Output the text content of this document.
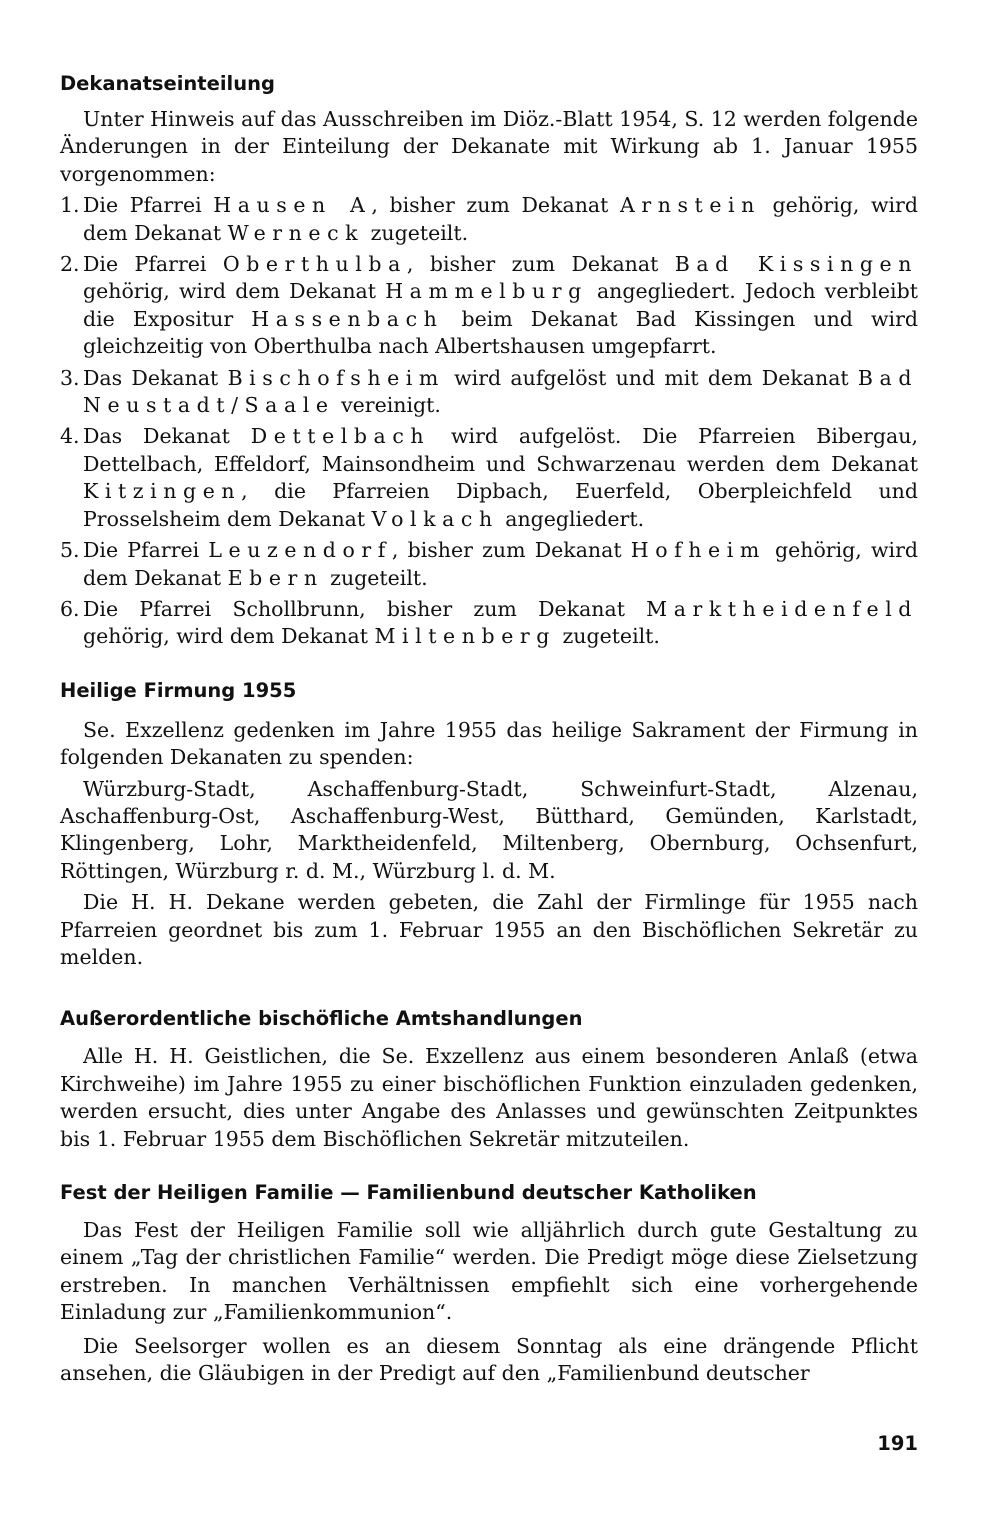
Dekanatseinteilung

Unter Hinweis auf das Ausschreiben im Diöz.-Blatt 1954, S. 12 werden folgende Änderungen in der Einteilung der Dekanate mit Wirkung ab 1. Januar 1955 vorgenommen:

1. Die Pfarrei Hausen A, bisher zum Dekanat Arnstein gehörig, wird dem Dekanat Werneck zugeteilt.
2. Die Pfarrei Oberthulba, bisher zum Dekanat Bad Kissingen gehörig, wird dem Dekanat Hammelburg angegliedert. Jedoch verbleibt die Expositur Hassenbach beim Dekanat Bad Kissingen und wird gleichzeitig von Oberthulba nach Albertshausen umgepfarrt.
3. Das Dekanat Bischofsheim wird aufgelöst und mit dem Dekanat Bad Neustadt/Saale vereinigt.
4. Das Dekanat Dettelbach wird aufgelöst. Die Pfarreien Bibergau, Dettelbach, Effeldorf, Mainsondheim und Schwarzenau werden dem Dekanat Kitzingen, die Pfarreien Dipbach, Euerfeld, Oberpleichfeld und Prosselsheim dem Dekanat Volkach angegliedert.
5. Die Pfarrei Leuzendorf, bisher zum Dekanat Hofheim gehörig, wird dem Dekanat Ebern zugeteilt.
6. Die Pfarrei Schollbrunn, bisher zum Dekanat Marktheidenfeld gehörig, wird dem Dekanat Miltenberg zugeteilt.
Heilige Firmung 1955

Se. Exzellenz gedenken im Jahre 1955 das heilige Sakrament der Firmung in folgenden Dekanaten zu spenden:

Würzburg-Stadt, Aschaffenburg-Stadt, Schweinfurt-Stadt, Alzenau, Aschaffenburg-Ost, Aschaffenburg-West, Bütthard, Gemünden, Karlstadt, Klingenberg, Lohr, Marktheidenfeld, Miltenberg, Obernburg, Ochsenfurt, Röttingen, Würzburg r. d. M., Würzburg l. d. M.

Die H. H. Dekane werden gebeten, die Zahl der Firmlinge für 1955 nach Pfarreien geordnet bis zum 1. Februar 1955 an den Bischöflichen Sekretär zu melden.

Außerordentliche bischöfliche Amtshandlungen

Alle H. H. Geistlichen, die Se. Exzellenz aus einem besonderen Anlaß (etwa Kirchweihe) im Jahre 1955 zu einer bischöflichen Funktion einzuladen gedenken, werden ersucht, dies unter Angabe des Anlasses und gewünschten Zeitpunktes bis 1. Februar 1955 dem Bischöflichen Sekretär mitzuteilen.

Fest der Heiligen Familie — Familienbund deutscher Katholiken

Das Fest der Heiligen Familie soll wie alljährlich durch gute Gestaltung zu einem „Tag der christlichen Familie“ werden. Die Predigt möge diese Zielsetzung erstreben. In manchen Verhältnissen empfiehlt sich eine vorhergehende Einladung zur „Familienkommunion“.

Die Seelsorger wollen es an diesem Sonntag als eine drängende Pflicht ansehen, die Gläubigen in der Predigt auf den „Familienbund deutscher

191
